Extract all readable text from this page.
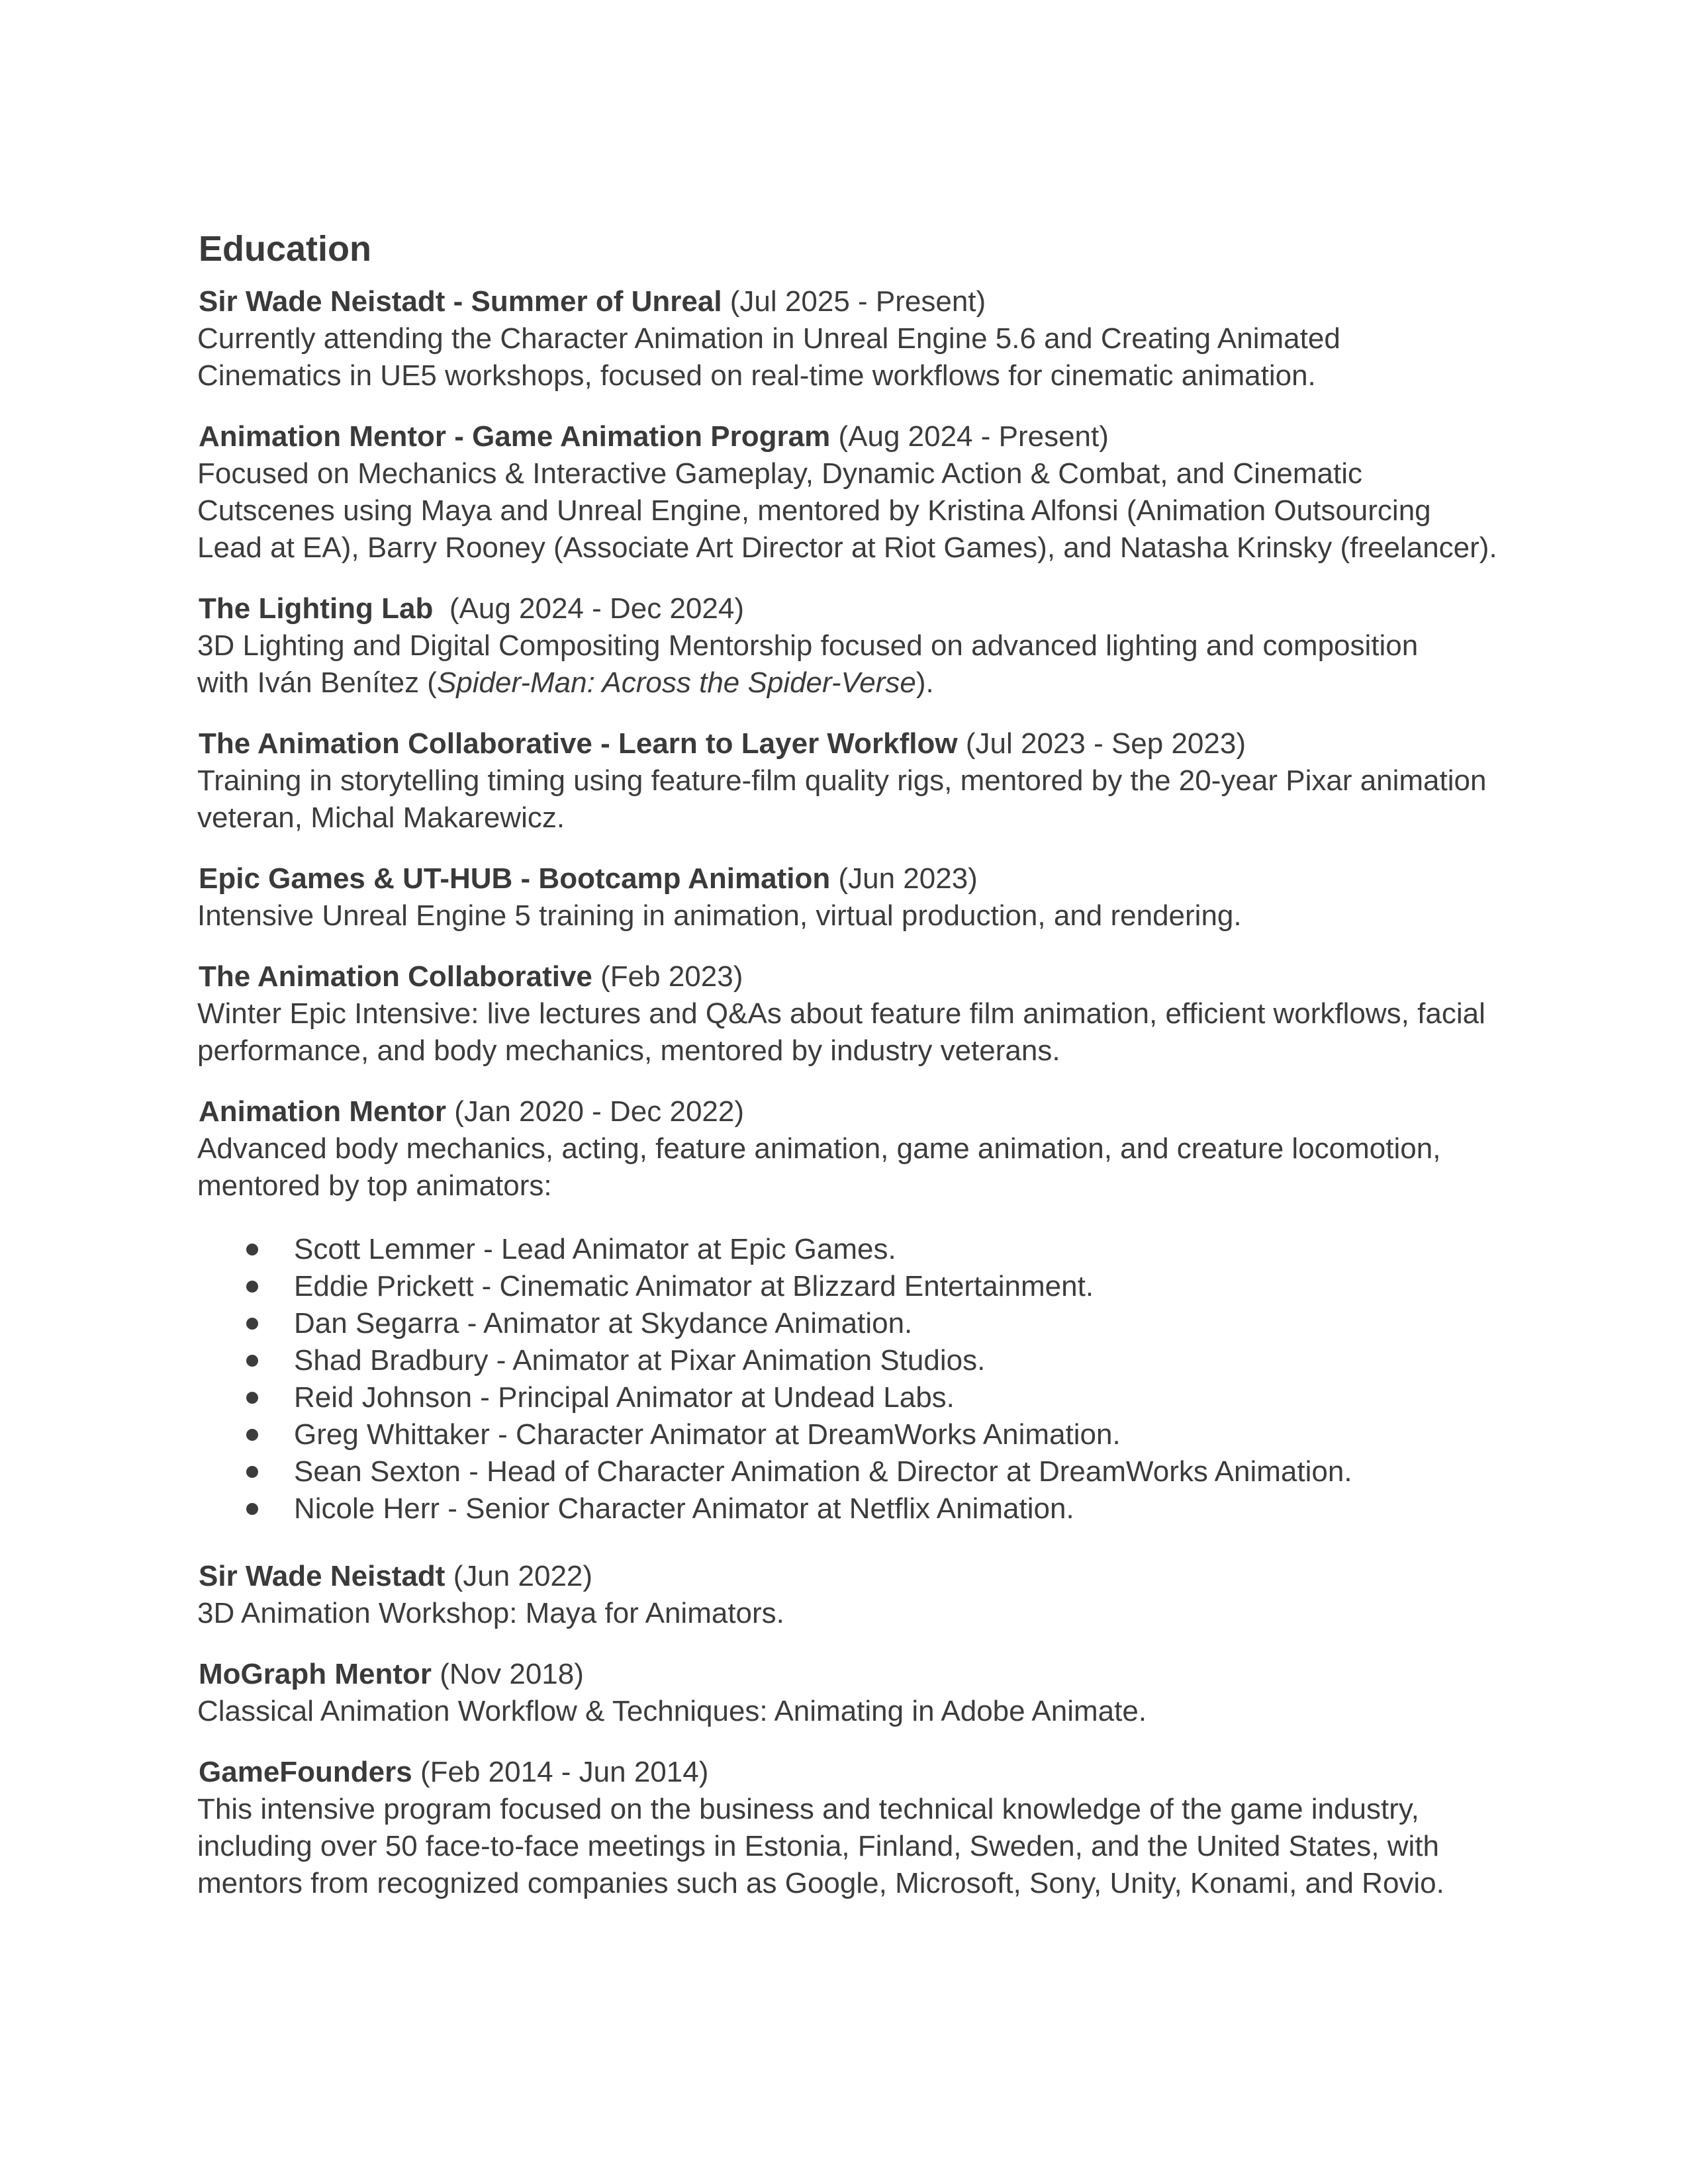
Education
Sir Wade Neistadt - Summer of Unreal (Jul 2025 - Present)
Currently attending the Character Animation in Unreal Engine 5.6 and Creating Animated
Cinematics in UE5 workshops, focused on real-time workflows for cinematic animation.
Animation Mentor - Game Animation Program (Aug 2024 - Present)
Focused on Mechanics & Interactive Gameplay, Dynamic Action & Combat, and Cinematic
Cutscenes using Maya and Unreal Engine, mentored by Kristina Alfonsi (Animation Outsourcing
Lead at EA), Barry Rooney (Associate Art Director at Riot Games), and Natasha Krinsky (freelancer).
The Lighting Lab (Aug 2024 - Dec 2024)
3D Lighting and Digital Compositing Mentorship focused on advanced lighting and composition
with Iván Benítez (Spider-Man: Across the Spider-Verse).
The Animation Collaborative - Learn to Layer Workflow (Jul 2023 - Sep 2023)
Training in storytelling timing using feature-film quality rigs, mentored by the 20-year Pixar animation
veteran, Michal Makarewicz.
Epic Games & UT-HUB - Bootcamp Animation (Jun 2023)
Intensive Unreal Engine 5 training in animation, virtual production, and rendering.
The Animation Collaborative (Feb 2023)
Winter Epic Intensive: live lectures and Q&As about feature film animation, efficient workflows, facial
performance, and body mechanics, mentored by industry veterans.
Animation Mentor (Jan 2020 - Dec 2022)
Advanced body mechanics, acting, feature animation, game animation, and creature locomotion,
mentored by top animators:
Scott Lemmer - Lead Animator at Epic Games.
Eddie Prickett - Cinematic Animator at Blizzard Entertainment.
Dan Segarra - Animator at Skydance Animation.
Shad Bradbury - Animator at Pixar Animation Studios.
Reid Johnson - Principal Animator at Undead Labs.
Greg Whittaker - Character Animator at DreamWorks Animation.
Sean Sexton - Head of Character Animation & Director at DreamWorks Animation.
Nicole Herr - Senior Character Animator at Netflix Animation.
Sir Wade Neistadt (Jun 2022)
3D Animation Workshop: Maya for Animators.
MoGraph Mentor (Nov 2018)
Classical Animation Workflow & Techniques: Animating in Adobe Animate.
GameFounders (Feb 2014 - Jun 2014)
This intensive program focused on the business and technical knowledge of the game industry,
including over 50 face-to-face meetings in Estonia, Finland, Sweden, and the United States, with
mentors from recognized companies such as Google, Microsoft, Sony, Unity, Konami, and Rovio.
